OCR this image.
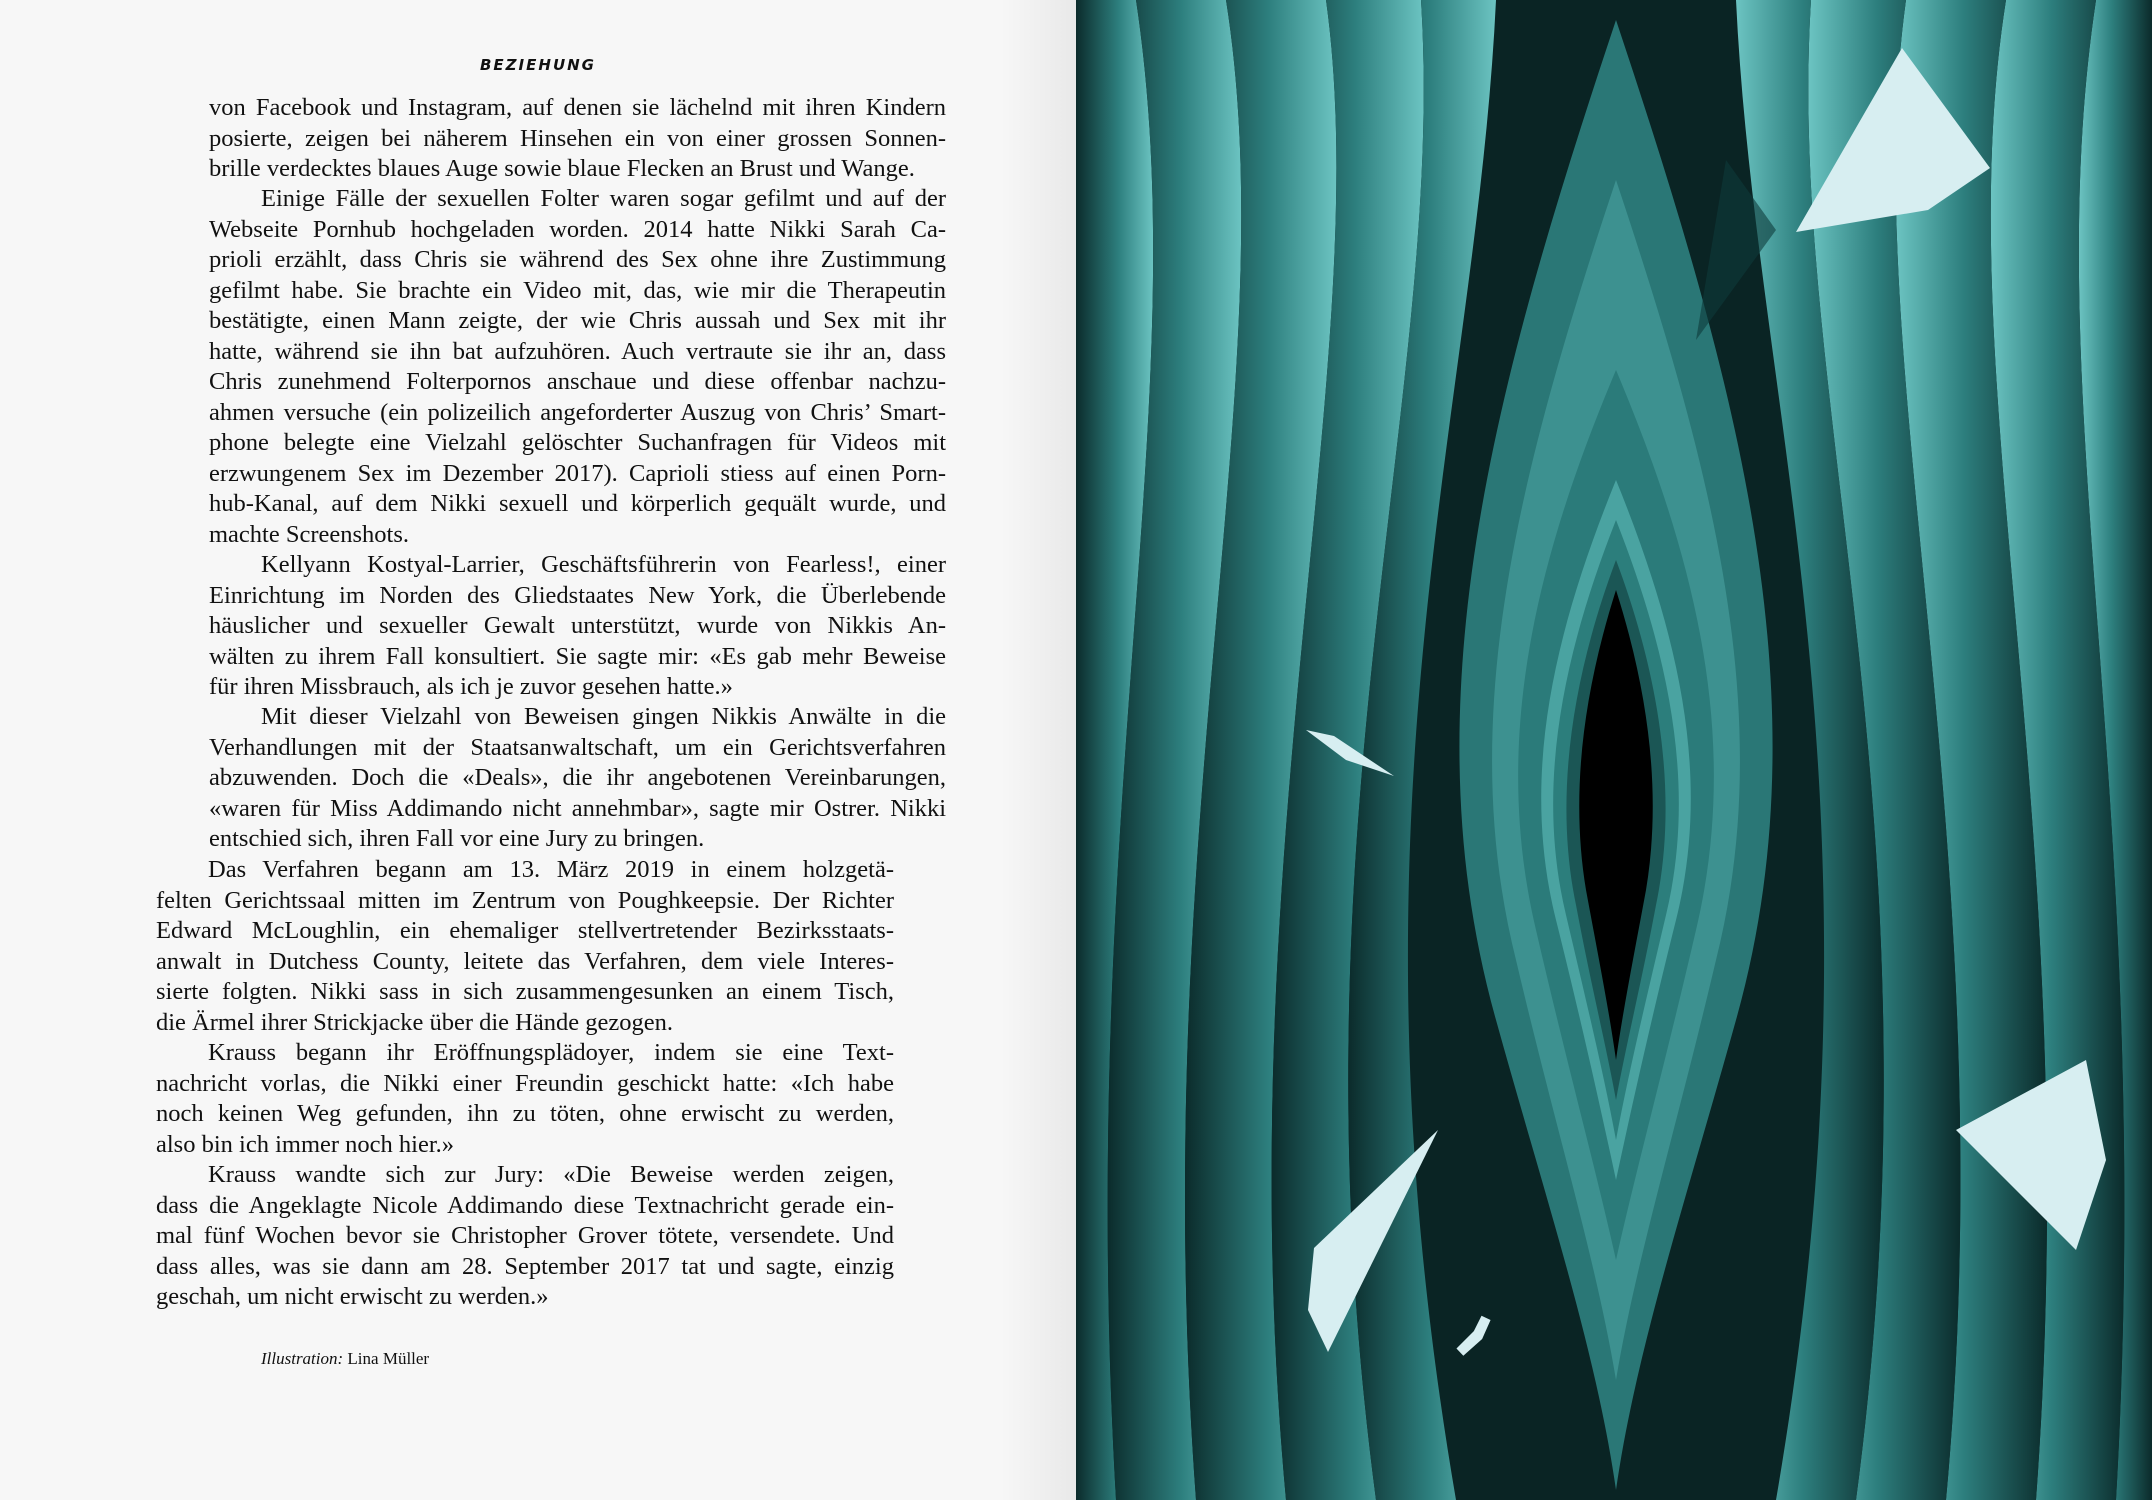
BEZIEHUNG
von Facebook und Instagram, auf denen sie lächelnd mit ihren Kindern
posierte, zeigen bei näherem Hinsehen ein von einer grossen Sonnen-
brille verdecktes blaues Auge sowie blaue Flecken an Brust und Wange.
Einige Fälle der sexuellen Folter waren sogar gefilmt und auf der
Webseite Pornhub hochgeladen worden. 2014 hatte Nikki Sarah Ca-
prioli erzählt, dass Chris sie während des Sex ohne ihre Zustimmung
gefilmt habe. Sie brachte ein Video mit, das, wie mir die Therapeutin
bestätigte, einen Mann zeigte, der wie Chris aussah und Sex mit ihr
hatte, während sie ihn bat aufzuhören. Auch vertraute sie ihr an, dass
Chris zunehmend Folterpornos anschaue und diese offenbar nachzu-
ahmen versuche (ein polizeilich angeforderter Auszug von Chris’ Smart-
phone belegte eine Vielzahl gelöschter Suchanfragen für Videos mit
erzwungenem Sex im Dezember 2017). Caprioli stiess auf einen Porn-
hub-Kanal, auf dem Nikki sexuell und körperlich gequält wurde, und
machte Screenshots.
Kellyann Kostyal-Larrier, Geschäftsführerin von Fearless!, einer
Einrichtung im Norden des Gliedstaates New York, die Überlebende
häuslicher und sexueller Gewalt unterstützt, wurde von Nikkis An-
wälten zu ihrem Fall konsultiert. Sie sagte mir: «Es gab mehr Beweise
für ihren Missbrauch, als ich je zuvor gesehen hatte.»
Mit dieser Vielzahl von Beweisen gingen Nikkis Anwälte in die
Verhandlungen mit der Staatsanwaltschaft, um ein Gerichtsverfahren
abzuwenden. Doch die «Deals», die ihr angebotenen Vereinbarungen,
«waren für Miss Addimando nicht annehmbar», sagte mir Ostrer. Nikki
entschied sich, ihren Fall vor eine Jury zu bringen.
Das Verfahren begann am 13. März 2019 in einem holzgetä-
felten Gerichtssaal mitten im Zentrum von Poughkeepsie. Der Richter
Edward McLoughlin, ein ehemaliger stellvertretender Bezirksstaats-
anwalt in Dutchess County, leitete das Verfahren, dem viele Interes-
sierte folgten. Nikki sass in sich zusammengesunken an einem Tisch,
die Ärmel ihrer Strickjacke über die Hände gezogen.
Krauss begann ihr Eröffnungsplädoyer, indem sie eine Text-
nachricht vorlas, die Nikki einer Freundin geschickt hatte: «Ich habe
noch keinen Weg gefunden, ihn zu töten, ohne erwischt zu werden,
also bin ich immer noch hier.»
Krauss wandte sich zur Jury: «Die Beweise werden zeigen,
dass die Angeklagte Nicole Addimando diese Textnachricht gerade ein-
mal fünf Wochen bevor sie Christopher Grover tötete, versendete. Und
dass alles, was sie dann am 28. September 2017 tat und sagte, einzig
geschah, um nicht erwischt zu werden.»
Illustration: Lina Müller
